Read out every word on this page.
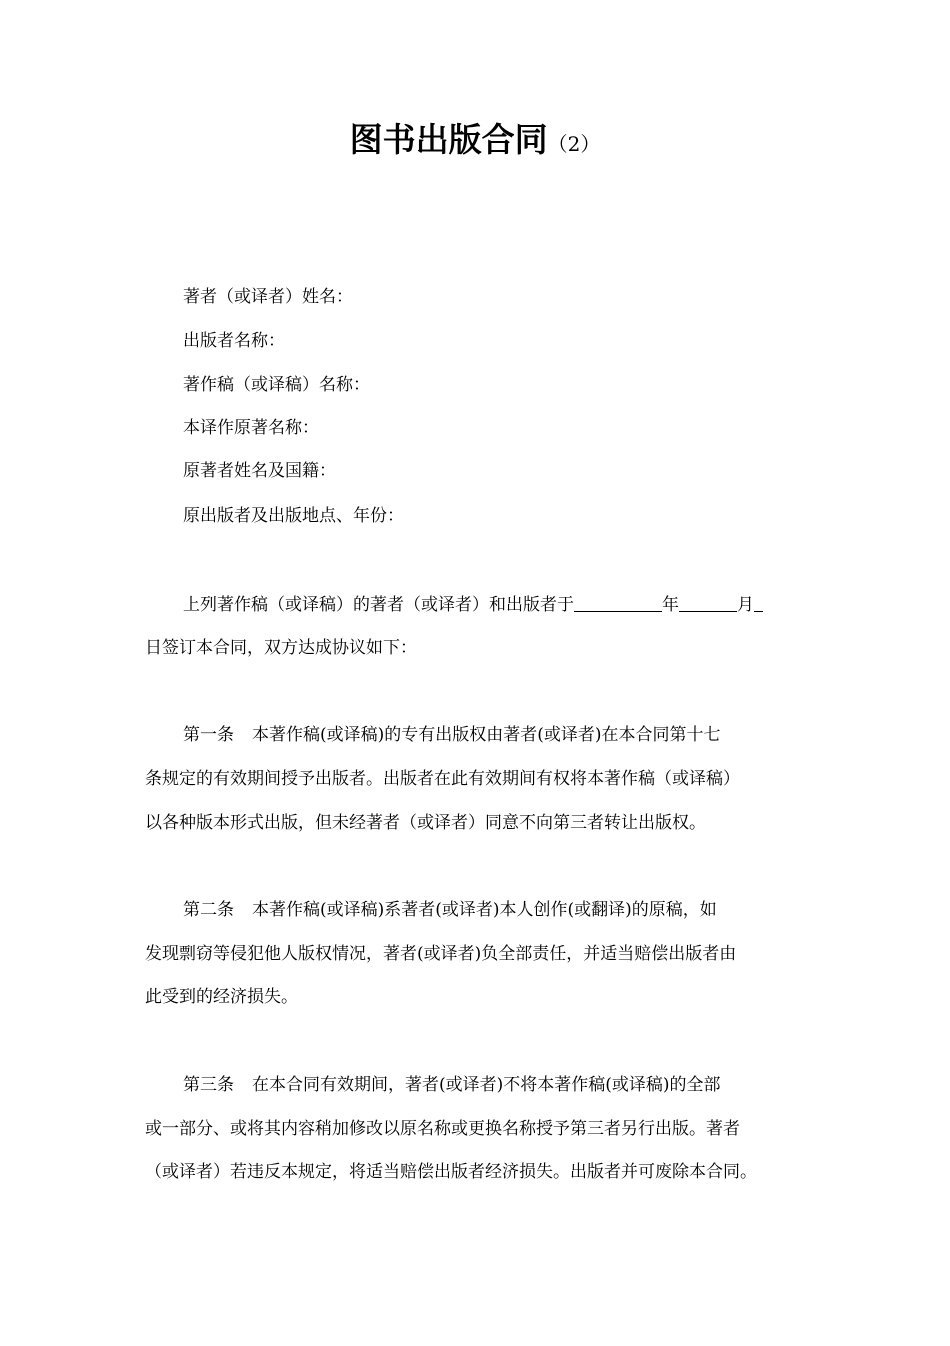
图书出版合同（2）
著者（或译者）姓名：
出版者名称：
著作稿（或译稿）名称：
本译作原著名称：
原著者姓名及国籍：
原出版者及出版地点、年份：
上列著作稿（或译稿）的著者（或译者）和出版者于	年	月
日签订本合同，双方达成协议如下：
第一条 本著作稿(或译稿)的专有出版权由著者(或译者)在本合同第十七
条规定的有效期间授予出版者。出版者在此有效期间有权将本著作稿（或译稿）
以各种版本形式出版，但未经著者（或译者）同意不向第三者转让出版权。
第二条 本著作稿(或译稿)系著者(或译者)本人创作(或翻译)的原稿，如
发现剽窃等侵犯他人版权情况，著者(或译者)负全部责任，并适当赔偿出版者由
此受到的经济损失。
第三条 在本合同有效期间，著者(或译者)不将本著作稿(或译稿)的全部
或一部分、或将其内容稍加修改以原名称或更换名称授予第三者另行出版。著者
（或译者）若违反本规定，将适当赔偿出版者经济损失。出版者并可废除本合同。
